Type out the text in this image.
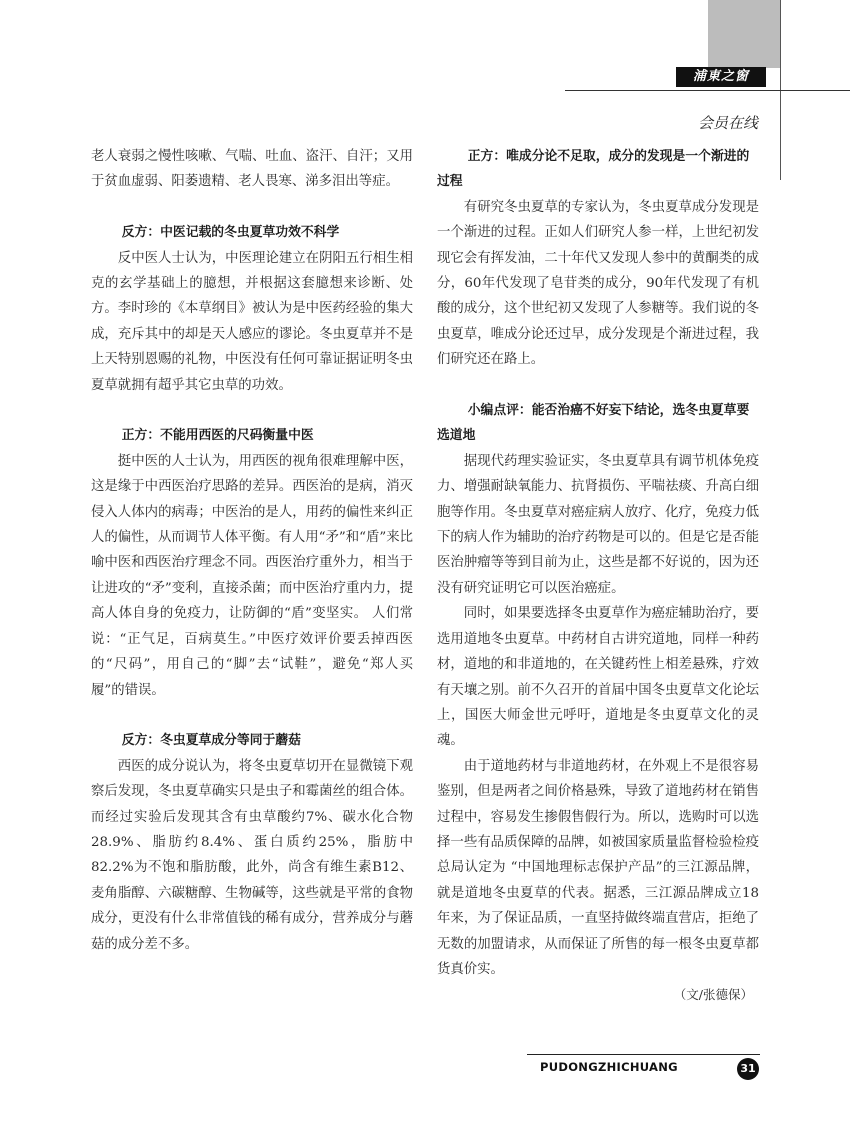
浦東之窗
会员在线

老人衰弱之慢性咳嗽、气喘、吐血、盗汗、自汗；又用于贫血虚弱、阳萎遗精、老人畏寒、涕多泪出等症。

反方：中医记载的冬虫夏草功效不科学

反中医人士认为，中医理论建立在阴阳五行相生相克的玄学基础上的臆想，并根据这套臆想来诊断、处方。李时珍的《本草纲目》被认为是中医药经验的集大成，充斥其中的却是天人感应的谬论。冬虫夏草并不是上天特别恩赐的礼物，中医没有任何可靠证据证明冬虫夏草就拥有超乎其它虫草的功效。

正方：不能用西医的尺码衡量中医

挺中医的人士认为，用西医的视角很难理解中医，这是缘于中西医治疗思路的差异。西医治的是病，消灭侵入人体内的病毒；中医治的是人，用药的偏性来纠正人的偏性，从而调节人体平衡。有人用“矛”和“盾”来比喻中医和西医治疗理念不同。西医治疗重外力，相当于让进攻的“矛”变利，直接杀菌；而中医治疗重内力，提高人体自身的免疫力，让防御的“盾”变坚实。 人们常说：“正气足，百病莫生。”中医疗效评价要丢掉西医的“尺码”，用自己的“脚”去“试鞋”，避免“郑人买履”的错误。

反方：冬虫夏草成分等同于蘑菇

西医的成分说认为，将冬虫夏草切开在显微镜下观察后发现，冬虫夏草确实只是虫子和霉菌丝的组合体。而经过实验后发现其含有虫草酸约7%、碳水化合物28.9%、脂肪约8.4%、蛋白质约25%，脂肪中82.2%为不饱和脂肪酸，此外，尚含有维生素B12、麦角脂醇、六碳糖醇、生物碱等，这些就是平常的食物成分，更没有什么非常值钱的稀有成分，营养成分与蘑菇的成分差不多。

正方：唯成分论不足取，成分的发现是一个渐进的过程

有研究冬虫夏草的专家认为，冬虫夏草成分发现是一个渐进的过程。正如人们研究人参一样，上世纪初发现它会有挥发油，二十年代又发现人参中的黄酮类的成分，60年代发现了皂苷类的成分，90年代发现了有机酸的成分，这个世纪初又发现了人参糖等。我们说的冬虫夏草，唯成分论还过早，成分发现是个渐进过程，我们研究还在路上。

小编点评：能否治癌不好妄下结论，选冬虫夏草要选道地

据现代药理实验证实，冬虫夏草具有调节机体免疫力、增强耐缺氧能力、抗肾损伤、平喘祛痰、升高白细胞等作用。冬虫夏草对癌症病人放疗、化疗，免疫力低下的病人作为辅助的治疗药物是可以的。但是它是否能医治肿瘤等等到目前为止，这些是都不好说的，因为还没有研究证明它可以医治癌症。

同时，如果要选择冬虫夏草作为癌症辅助治疗，要选用道地冬虫夏草。中药材自古讲究道地，同样一种药材，道地的和非道地的，在关键药性上相差悬殊，疗效有天壤之别。前不久召开的首届中国冬虫夏草文化论坛上，国医大师金世元呼吁，道地是冬虫夏草文化的灵魂。

由于道地药材与非道地药材，在外观上不是很容易鉴别，但是两者之间价格悬殊，导致了道地药材在销售过程中，容易发生掺假售假行为。所以，选购时可以选择一些有品质保障的品牌，如被国家质量监督检验检疫总局认定为 “中国地理标志保护产品”的三江源品牌，就是道地冬虫夏草的代表。据悉，三江源品牌成立18年来，为了保证品质，一直坚持做终端直营店，拒绝了无数的加盟请求，从而保证了所售的每一根冬虫夏草都货真价实。

（文/张德保）
PUDONGZHICHUANG	31
